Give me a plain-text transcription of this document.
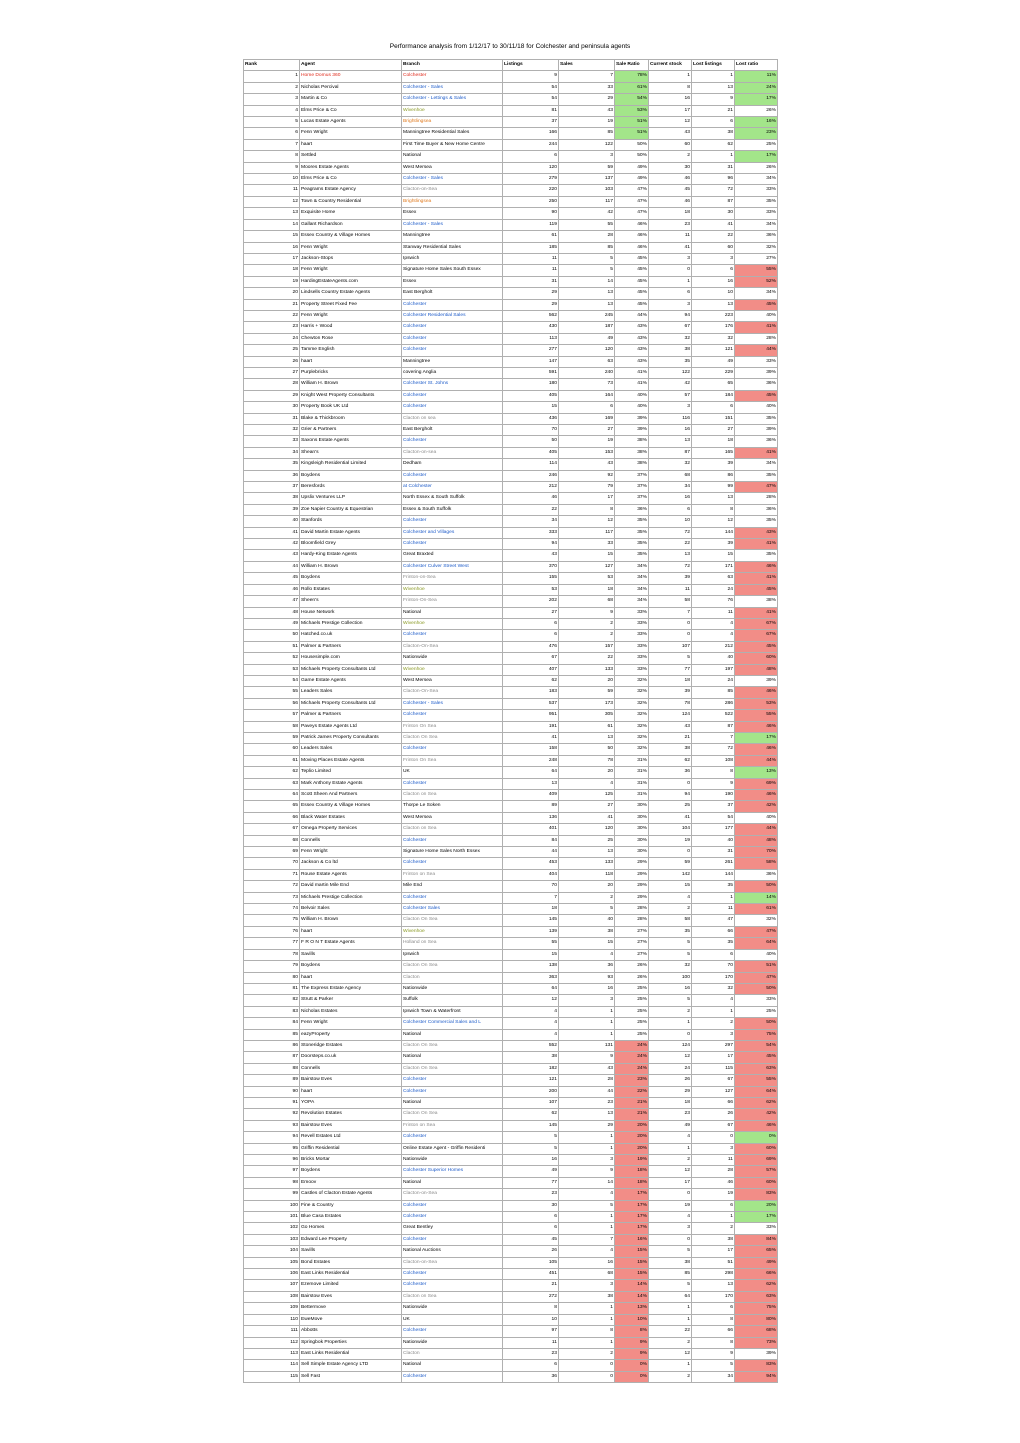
Performance analysis from 1/12/17 to 30/11/18 for Colchester and peninsula agents
Rank	Agent	Branch	Listings	Sales	Sale Ratio	Current stock	Lost listings	Lost ratio
1	Home Domus 360	Colchester	9	7	78%	1	1	11%
2	Nicholas Percival	Colchester - Sales	54	33	61%	8	13	24%
3	Martin & Co	Colchester - Lettings & Sales	54	29	54%	16	9	17%
4	Elms Price & Co	Wivenhoe	81	43	53%	17	21	26%
5	Lucas Estate Agents	Brightlingsea	37	19	51%	12	6	16%
6	Fenn Wright	Manningtree Residential Sales	166	85	51%	43	38	23%
7	haart	First Time Buyer & New Home Centre	244	122	50%	60	62	25%
8	Settled	National	6	3	50%	2	1	17%
9	Moores Estate Agents	West Mersea	120	59	49%	30	31	26%
10	Elms Price & Co	Colchester - Sales	279	137	49%	46	96	34%
11	Peagrams Estate Agency	Clacton-on-Sea	220	103	47%	45	72	33%
12	Town & Country Residential	Brightlingsea	250	117	47%	46	87	35%
13	Exquisite Home	Essex	90	42	47%	18	30	33%
14	Gallant Richardson	Colchester - Sales	119	55	46%	23	41	34%
15	Essex Country & Village Homes	Manningtree	61	28	46%	11	22	36%
16	Fenn Wright	Stanway Residential Sales	185	85	46%	41	60	32%
17	Jackson-Stops	Ipswich	11	5	45%	3	3	27%
18	Fenn Wright	Signature Home Sales South Essex	11	5	45%	0	6	55%
19	HardingEstateAgents.com	Essex	31	14	45%	1	16	52%
20	Lindsells Country Estate Agents	East Bergholt	29	13	45%	6	10	34%
21	Property Street Fixed Fee	Colchester	29	13	45%	3	13	45%
22	Fenn Wright	Colchester Residential Sales	562	245	44%	94	223	40%
23	Harris + Wood	Colchester	430	187	43%	67	176	41%
24	Chewton Rose	Colchester	113	49	43%	32	32	28%
25	Tamme English	Colchester	277	120	43%	38	121	44%
26	haart	Manningtree	147	63	43%	35	49	33%
27	Purplebricks	covering Anglia	591	240	41%	122	229	39%
28	William H. Brown	Colchester St. Johns	180	73	41%	42	65	36%
29	Knight West Property Consultants	Colchester	405	164	40%	57	184	45%
30	Property Book UK Ltd	Colchester	15	6	40%	3	6	40%
31	Blake & Thickbroom	Clacton on sea	436	169	39%	116	151	35%
32	Grier & Partners	East Bergholt	70	27	39%	16	27	39%
33	Saxons Estate Agents	Colchester	50	19	38%	13	18	36%
34	Shean's	Clacton-on-sea	405	153	38%	87	165	41%
35	Kingsleigh Residential Limited	Dedham	114	43	38%	32	39	34%
36	Boydens	Colchester	246	92	37%	68	86	35%
37	Beresfords	at Colchester	212	79	37%	34	99	47%
38	Upslix Ventures LLP	North Essex & South Suffolk	46	17	37%	16	13	28%
39	Zoe Napier Country & Equestrian	Essex & South Suffolk	22	8	36%	6	8	36%
40	Stanfords	Colchester	34	12	35%	10	12	35%
41	David Martin Estate Agents	Colchester and Villages	333	117	35%	72	144	43%
42	Bloomfield Grey	Colchester	94	33	35%	22	39	41%
43	Hardy-King Estate Agents	Great Braxted	43	15	35%	13	15	35%
44	William H. Brown	Colchester Culver Street West	370	127	34%	72	171	46%
45	Boydens	Frinton-on-Sea	155	53	34%	39	63	41%
46	Rollo Estates	Wivenhoe	53	18	34%	11	24	45%
47	Sheen's	Frinton-On-Sea	202	68	34%	58	76	38%
48	House Network	National	27	9	33%	7	11	41%
49	Michaels Prestige Collection	Wivenhoe	6	2	33%	0	4	67%
50	Hatched.co.uk	Colchester	6	2	33%	0	4	67%
51	Palmer & Partners	Clacton-On-Sea	476	157	33%	107	212	45%
52	Housesimple.com	Nationwide	67	22	33%	5	40	60%
53	Michaels Property Consultants Ltd	Wivenhoe	407	133	33%	77	197	48%
54	Game Estate Agents	West Mersea	62	20	32%	18	24	39%
55	Leaders Sales	Clacton-On-Sea	183	59	32%	39	85	46%
56	Michaels Property Consultants Ltd	Colchester - Sales	537	173	32%	78	286	53%
57	Palmer & Partners	Colchester	951	305	32%	124	522	55%
58	Paveys Estate Agents Ltd	Frinton On Sea	191	61	32%	43	87	46%
59	Patrick James Property Consultants	Clacton On Sea	41	13	32%	21	7	17%
60	Leaders Sales	Colchester	158	50	32%	38	72	46%
61	Moving Places Estate Agents	Frinton On Sea	248	78	31%	62	108	44%
62	Teplio Limited	UK	64	20	31%	36	8	13%
63	Mark Anthony Estate Agents	Colchester	13	4	31%	0	9	69%
64	Scott Sheen And Partners	Clacton on Sea	409	125	31%	94	190	46%
65	Essex Country & Village Homes	Thorpe Le Soken	89	27	30%	25	37	42%
66	Black Water Estates	West Mersea	136	41	30%	41	54	40%
67	Omega Property Services	Clacton on Sea	401	120	30%	104	177	44%
68	Connells	Colchester	84	25	30%	19	40	48%
69	Fenn Wright	Signature Home Sales North Essex	44	13	30%	0	31	70%
70	Jackson & Co ltd	Colchester	453	133	29%	59	261	58%
71	Rouse Estate Agents	Frinton on Sea	404	118	29%	142	144	36%
72	David martin Mile End	Mile End	70	20	29%	15	35	50%
73	Michaels Prestige Collection	Colchester	7	2	29%	4	1	14%
74	Belvoir Sales	Colchester Sales	18	5	28%	2	11	61%
75	William H. Brown	Clacton On Sea	145	40	28%	58	47	32%
76	haart	Wivenhoe	139	38	27%	35	66	47%
77	F R O N T Estate Agents	Holland on Sea	55	15	27%	5	35	64%
78	Savills	Ipswich	15	4	27%	5	6	40%
79	Boydens	Clacton On Sea	138	36	26%	32	70	51%
80	haart	Clacton	363	93	26%	100	170	47%
81	The Express Estate Agency	Nationwide	64	16	25%	16	32	50%
82	Strutt & Parker	Suffolk	12	3	25%	5	4	33%
83	Nicholas Estates	Ipswich Town & Waterfront	4	1	25%	2	1	25%
84	Fenn Wright	Colchester Commercial Sales and L	4	1	25%	1	2	50%
85	eazyProperty	National	4	1	25%	0	3	75%
86	Stoneridge Estates	Clacton On Sea	552	131	24%	124	297	54%
87	Doorsteps.co.uk	National	38	9	24%	12	17	45%
88	Connells	Clacton On Sea	182	43	24%	24	115	63%
89	Bairstow Eves	Colchester	121	28	23%	26	67	55%
90	haart	Colchester	200	44	22%	29	127	64%
91	YOPA	National	107	23	21%	18	66	62%
92	Revolution Estates	Clacton On Sea	62	13	21%	23	26	42%
93	Bairstow Eves	Frinton on Sea	145	29	20%	49	67	46%
94	Revell Estates Ltd	Colchester	5	1	20%	4	0	0%
95	Griffin Residential	Online Estate Agent - Griffin Residenti	5	1	20%	1	3	60%
96	Bricks Mortar	Nationwide	16	3	19%	2	11	69%
97	Boydens	Colchester Superior Homes	49	9	18%	12	28	57%
98	Emoov	National	77	14	18%	17	46	60%
99	Castles of Clacton Estate Agents	Clacton-on-Sea	23	4	17%	0	19	83%
100	Fine & Country	Colchester	30	5	17%	19	6	20%
101	Blue Casa Estates	Colchester	6	1	17%	4	1	17%
102	Go Homes	Great Bentley	6	1	17%	3	2	33%
103	Edward Lee Property	Colchester	45	7	16%	0	38	84%
104	Savills	National Auctions	26	4	15%	5	17	65%
105	Bond Estates	Clacton-on-Sea	105	16	15%	38	51	49%
106	East Links Residential	Colchester	451	68	15%	85	298	66%
107	Ezemove Limited	Colchester	21	3	14%	5	13	62%
108	Bairstow Eves	Clacton on Sea	272	38	14%	64	170	63%
109	Bettermove	Nationwide	8	1	13%	1	6	75%
110	EweMove	UK	10	1	10%	1	8	80%
111	Abbotts	Colchester	97	8	8%	22	66	68%
112	Springbok Properties	Nationwide	11	1	9%	2	8	73%
113	East Links Residential	Clacton	23	2	9%	12	9	39%
114	Sell Simple Estate Agency LTD	National	6	0	0%	1	5	83%
115	Sell Fast	Colchester	36	0	0%	2	34	94%
